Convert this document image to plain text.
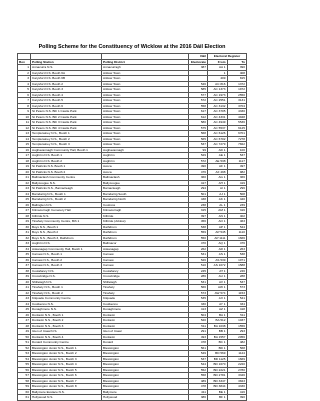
Polling Scheme for the Constituency of Wicklow at the 2016 Dáil Election
			Dáil	Electoral Register	
Box	Polling Station	Polling District	Electorate	From	To
1	Annacurra N.S.	Annacurragh	387	AA 1	390
2	Carysfort N.S. Booth 6A	Arklow Town		1	408
3	Carysfort N.S. Booth 6B	Arklow Town		409	815
4	Carysfort N.S. Booth 2	Arklow Town	546	AC 816	1372
5	Carysfort N.S. Booth 3	Arklow Town	585	AC 1373	1972
6	Carysfort N.S. Booth 4	Arklow Town	577	AC 1973	2550
7	Carysfort N.S. Booth 5	Arklow Town	572	AC 2551	3131
8	Carysfort N.S. Booth 6	Arklow Town	558	AC 3132	3704
9	St Peters N.S. Bth 1 Castle Park	Arklow Town	617	AC 3705	4330
10	St Peters N.S. Bth 2 Castle Park	Arklow Town	612	AC 4331	4948
11	St Peters N.S. Bth 3 Castle Park	Arklow Town	580	AC 4949	5536
12	St Peters N.S. Bth 4 Castle Park	Arklow Town	575	AC 5537	6125
13	Templerainey N.S., Booth 1	Arklow Town	568	AC 6126	6701
14	Templerainey N.S., Booth 2	Arklow Town	565	AC 6702	7278
15	Templerainey N.S., Booth 3	Arklow Town	537	AC 7279	7822
16	Aughavannagh Community Hall, Booth 1	Aughavannagh	99	AD 1	100
17	Aughrim N.S. Booth 1	Aughrim	529	AE 1	537
18	Aughrim N.S. Booth 2	Aughrim	572	AE 538	1117
19	St Patricks N.S. Booth 1	Avoca	490	AF 1	497
20	St Patricks N.S. Booth 2	Avoca	476	AF 498	982
21	Ballinaclash Community Centre	Ballinaclash	360	AG 1	366
22	Ballycoogue N.S.	Ballycoogue	417	AH 1	419
23	St Patricks N.S., Barnacleagh	Barnacleagh	294	AI 1	296
24	Barndarrig N.S., Booth 1	Barndarrig South	501	AJ 1	508
25	Barndarrig N.S., Booth 2	Barndarrig North	438	AK 1	440
26	Ballinglen N.S.	Coolross	238	AL 1	239
27	Kilmacurragh Cemetery Hall	Kilmacurragh	315	AM 1	316
28	Kilbride N.S.	Kilbride	397	AN 1	402
29	Tinahely Community Centre, Bth 1	Kilbride (Arklow)	456	AO 1	463
30	Boys N.S., Booth 1	Rathdrum	538	AP 1	544
31	Boys N.S., Booth 2	Rathdrum	559	AP 545	1110
32	Boys N.S., Booth 3, Rathdrum	Rathdrum	550	AP 1111	1666
33	Aughrim N.S.	Ballinacor	470	AQ 1	476
34	Askanagap Community Hall, Booth 1	Askanagap	262	AR 1	263
35	Carnew N.S., Booth 1	Carnew	531	AS 1	538
36	Carnew N.S., Booth 2	Carnew	526	AS 539	1071
37	Carnew N.S., Booth 3	Carnew	510	AS 1072	1588
38	Coolafancy N.S.	Coolafancy	245	AT 1	246
39	Crossbridge N.S.	Crossbridge	286	AU 1	288
40	Shillelagh N.S.	Shillelagh	531	AV 1	537
41	Tinahely N.S., Booth 1	Tinahely	566	AW 1	573
42	Tinahely N.S., Booth 2	Tinahely	573	AW 574	1153
43	Kilquade Community Centre	Kilquade	535	AX 1	541
44	Coolkenno N.S.	Coolkenno	330	AY 1	334
45	Donaghmore N.S.	Donaghmore	413	AZ 1	418
46	Dunlavin N.S., Booth 1	Dunlavin	504	BA 1	511
47	Dunlavin N.S., Booth 2	Dunlavin	520	BA 512	1037
48	Dunlavin N.S., Booth 3	Dunlavin	511	BA 1038	1556
49	Glen of Imaal N.S.	Glen of Imaal	291	BB 1	293
50	Dunlavin N.S., Booth 4	Dunlavin	493	BA 1557	2056
51	Donard Community Centre	Donard	478	BC 1	482
52	Blessington Junior N.S., Booth 1	Blessington	561	BD 1	568
53	Blessington Junior N.S., Booth 2	Blessington	549	BD 569	1124
54	Blessington Junior N.S., Booth 3	Blessington	537	BD 1125	1669
55	Blessington Junior N.S., Booth 4	Blessington	544	BD 1670	2220
56	Blessington Junior N.S., Booth 5	Blessington	552	BD 2221	2780
57	Blessington Junior N.S., Booth 6	Blessington	558	BD 2781	3346
58	Blessington Junior N.S., Booth 7	Blessington	489	BD 3347	3843
59	Blessington Junior N.S., Booth 8	Blessington	478	BD 3844	4330
60	Ballymore Eustace N.S.	Ballymore	411	BE 1	416
61	Hollywood N.S.	Hollywood	386	BF 1	390
